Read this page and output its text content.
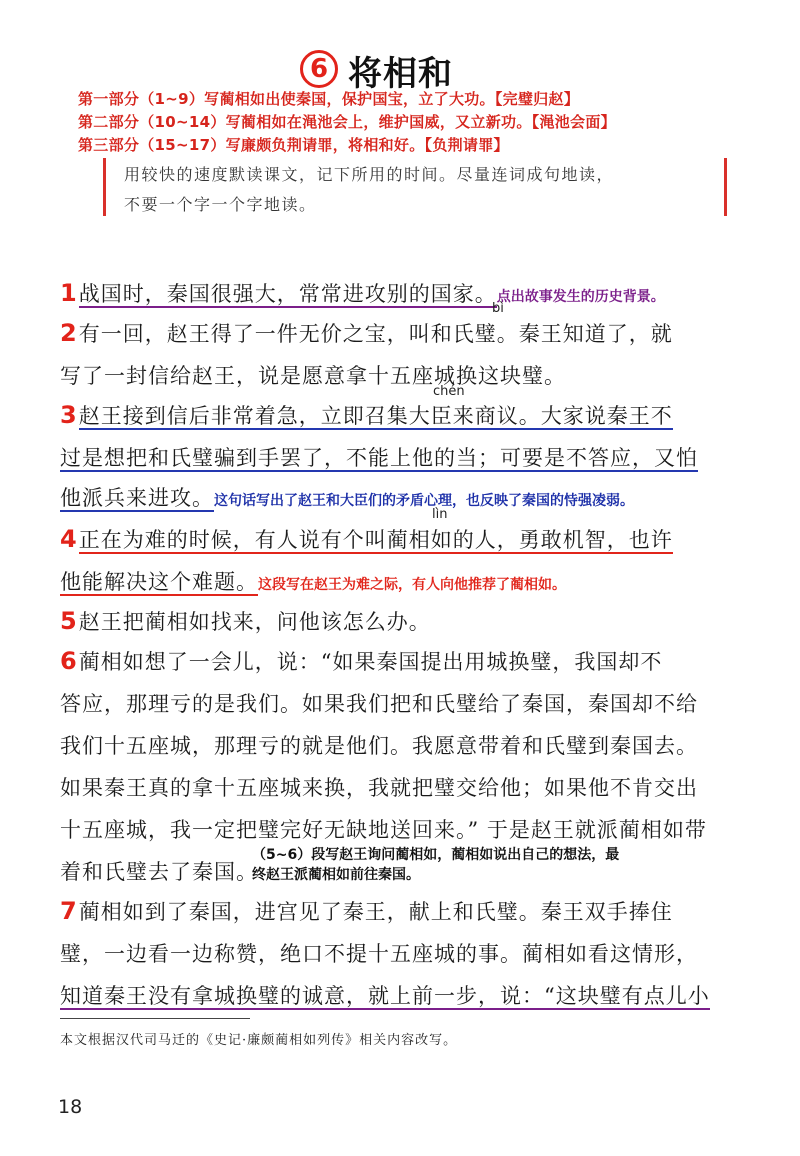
6 将相和
第一部分（1~9）写蔺相如出使秦国，保护国宝，立了大功。【完璧归赵】
第二部分（10~14）写蔺相如在渑池会上，维护国威，又立新功。【渑池会面】
第三部分（15~17）写廉颇负荆请罪，将相和好。【负荆请罪】
用较快的速度默读课文，记下所用的时间。尽量连词成句地读，
不要一个字一个字地读。
1战国时，秦国很强大，常常进攻别的国家。点出故事发生的历史背景。
bì
2有一回，赵王得了一件无价之宝，叫和氏璧。秦王知道了，就
写了一封信给赵王，说是愿意拿十五座城换这块璧。
chén
3赵王接到信后非常着急，立即召集大臣来商议。大家说秦王不
过是想把和氏璧骗到手罢了，不能上他的当；可要是不答应，又怕
他派兵来进攻。这句话写出了赵王和大臣们的矛盾心理，也反映了秦国的恃强凌弱。
lìn
4正在为难的时候，有人说有个叫蔺相如的人，勇敢机智，也许
他能解决这个难题。这段写在赵王为难之际，有人向他推荐了蔺相如。
5赵王把蔺相如找来，问他该怎么办。
6蔺相如想了一会儿，说：“如果秦国提出用城换璧，我国却不
答应，那理亏的是我们。如果我们把和氏璧给了秦国，秦国却不给
我们十五座城，那理亏的就是他们。我愿意带着和氏璧到秦国去。
如果秦王真的拿十五座城来换，我就把璧交给他；如果他不肯交出
十五座城，我一定把璧完好无缺地送回来。” 于是赵王就派蔺相如带
着和氏璧去了秦国。
（5~6）段写赵王询问蔺相如，蔺相如说出自己的想法，最
终赵王派蔺相如前往秦国。
7蔺相如到了秦国，进宫见了秦王，献上和氏璧。秦王双手捧住
璧，一边看一边称赞，绝口不提十五座城的事。蔺相如看这情形，
知道秦王没有拿城换璧的诚意，就上前一步，说：“这块璧有点儿小
本文根据汉代司马迁的《史记·廉颇蔺相如列传》相关内容改写。
18
